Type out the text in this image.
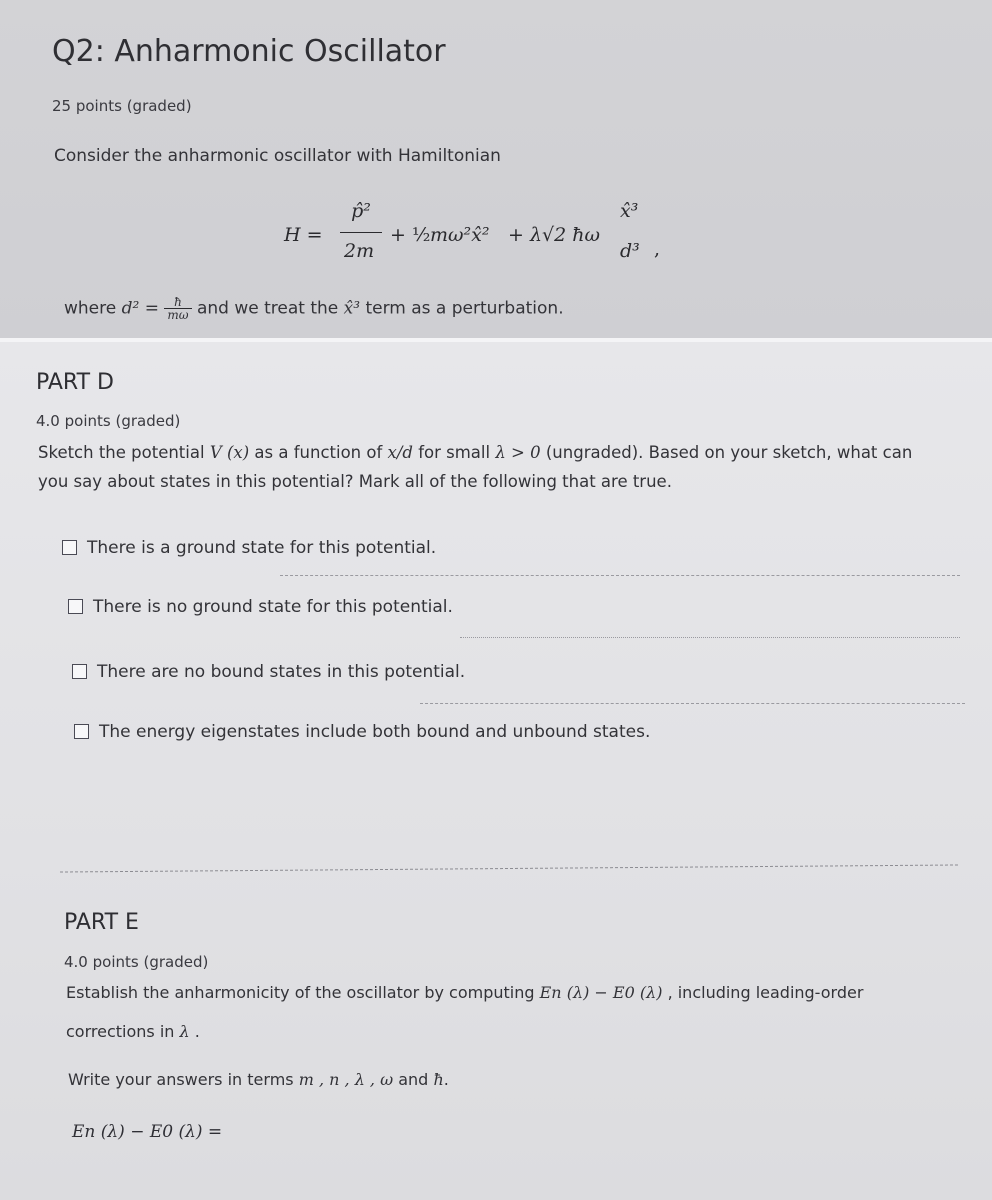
Q2: Anharmonic Oscillator
25 points (graded)
Consider the anharmonic oscillator with Hamiltonian
H =
p̂²
2m
+ ½ mω²x̂² + λ√2 ħω
x̂³
d³ ,
where $d^2 = \frac{ħ}{m\omega}$ and we treat the x̂³ term as a perturbation.
PART D
4.0 points (graded)
Sketch the potential V (x) as a function of x/d for small λ > 0 (ungraded). Based on your sketch, what can
you say about states in this potential? Mark all of the following that are true.
There is a ground state for this potential.
There is no ground state for this potential.
There are no bound states in this potential.
The energy eigenstates include both bound and unbound states.
PART E
4.0 points (graded)
Establish the anharmonicity of the oscillator by computing En (λ) − E0 (λ) , including leading-order
corrections in λ .
Write your answers in terms m , n , λ , ω and ħ.
En (λ) − E0 (λ) =
